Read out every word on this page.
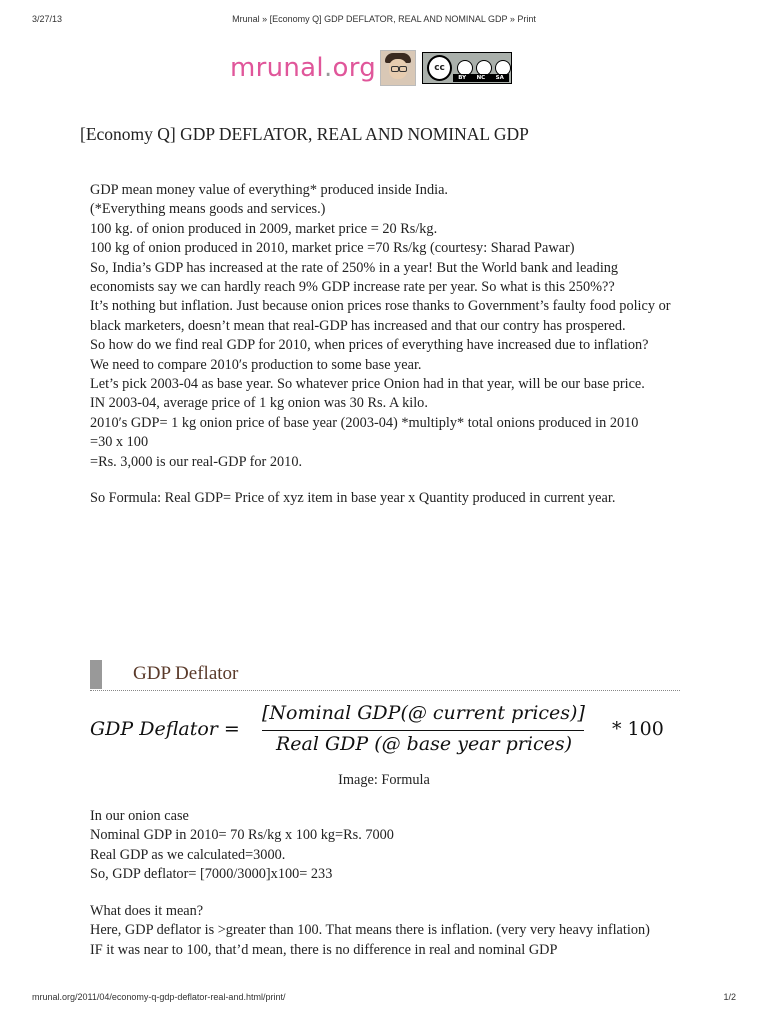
3/27/13	Mrunal » [Economy Q] GDP DEFLATOR, REAL AND NOMINAL GDP » Print
mrunal.org	cc
BY NC SA
[Economy Q] GDP DEFLATOR, REAL AND NOMINAL GDP

GDP mean money value of everything* produced inside India.

(*Everything means goods and services.)

100 kg. of onion produced in 2009, market price = 20 Rs/kg.

100 kg of onion produced in 2010, market price =70 Rs/kg (courtesy: Sharad Pawar)

So, India’s GDP has increased at the rate of 250% in a year! But the World bank and leading economists say we can hardly reach 9% GDP increase rate per year. So what is this 250%??

It’s nothing but inflation. Just because onion prices rose thanks to Government’s faulty food policy or black marketers, doesn’t mean that real-GDP has increased and that our contry has prospered.

So how do we find real GDP for 2010, when prices of everything have increased due to inflation?

We need to compare 2010′s production to some base year.

Let’s pick 2003-04 as base year. So whatever price Onion had in that year, will be our base price.

IN 2003-04, average price of 1 kg onion was 30 Rs. A kilo.

2010′s GDP= 1 kg onion price of base year (2003-04) *multiply* total onions produced in 2010

=30 x 100

=Rs. 3,000 is our real-GDP for 2010.

So Formula: Real GDP= Price of xyz item in base year x Quantity produced in current year.

GDP Deflator
GDP Deflator =
[Nominal GDP(@ current prices)]
Real GDP (@ base year prices)
* 100
Image: Formula

In our onion case

Nominal GDP in 2010= 70 Rs/kg x 100 kg=Rs. 7000

Real GDP as we calculated=3000.

So, GDP deflator= [7000/3000]x100= 233

What does it mean?

Here, GDP deflator is >greater than 100. That means there is inflation. (very very heavy inflation)

IF it was near to 100, that’d mean, there is no difference in real and nominal GDP

mrunal.org/2011/04/economy-q-gdp-deflator-real-and.html/print/	1/2
